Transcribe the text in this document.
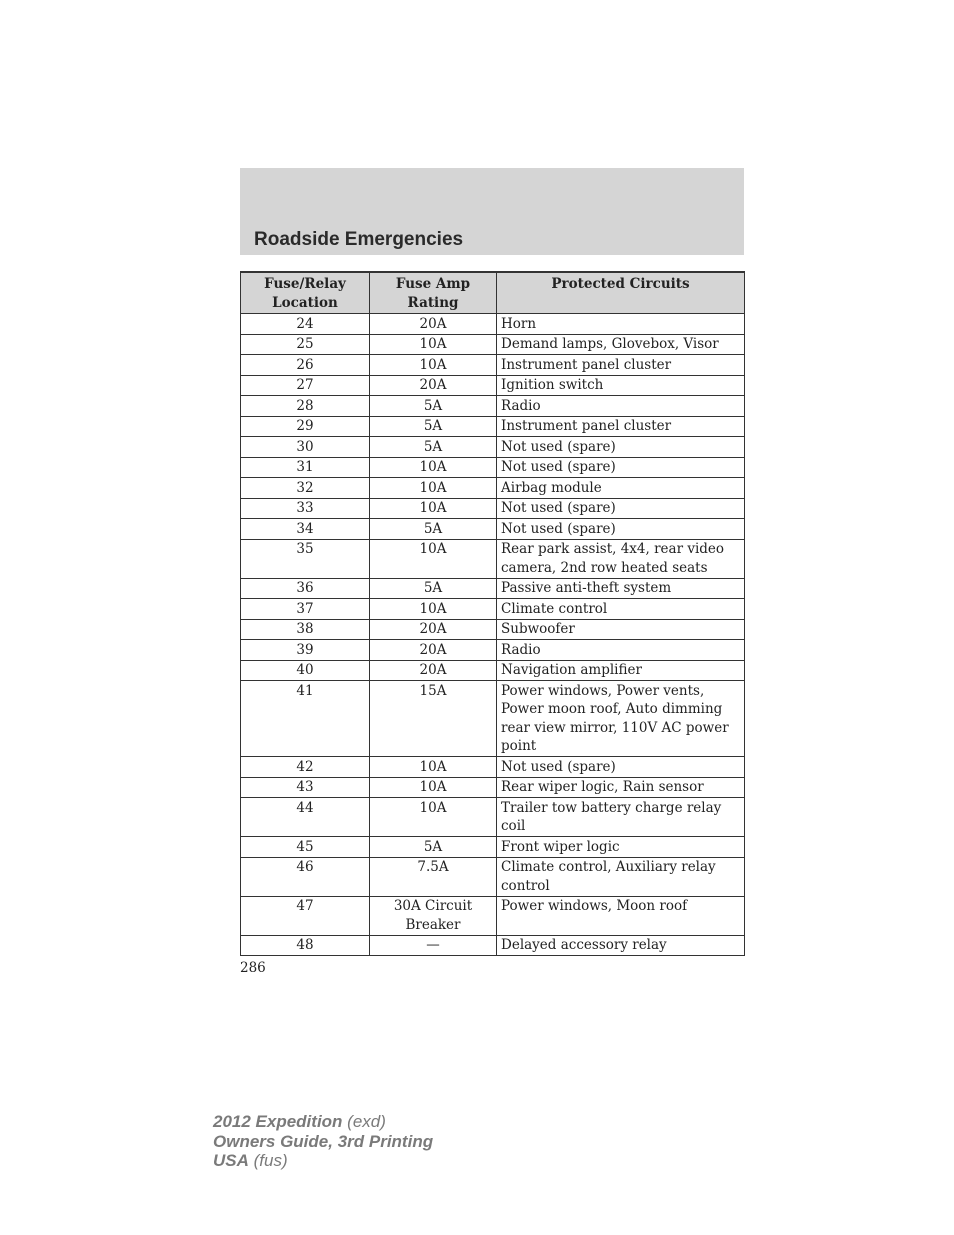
Roadside Emergencies
Fuse/Relay Location	Fuse Amp Rating	Protected Circuits
24	20A	Horn
25	10A	Demand lamps, Glovebox, Visor
26	10A	Instrument panel cluster
27	20A	Ignition switch
28	5A	Radio
29	5A	Instrument panel cluster
30	5A	Not used (spare)
31	10A	Not used (spare)
32	10A	Airbag module
33	10A	Not used (spare)
34	5A	Not used (spare)
35	10A	Rear park assist, 4x4, rear video camera, 2nd row heated seats
36	5A	Passive anti-theft system
37	10A	Climate control
38	20A	Subwoofer
39	20A	Radio
40	20A	Navigation amplifier
41	15A	Power windows, Power vents, Power moon roof, Auto dimming rear view mirror, 110V AC power point
42	10A	Not used (spare)
43	10A	Rear wiper logic, Rain sensor
44	10A	Trailer tow battery charge relay coil
45	5A	Front wiper logic
46	7.5A	Climate control, Auxiliary relay control
47	30A Circuit Breaker	Power windows, Moon roof
48	—	Delayed accessory relay
286
2012 Expedition (exd)
Owners Guide, 3rd Printing
USA (fus)
